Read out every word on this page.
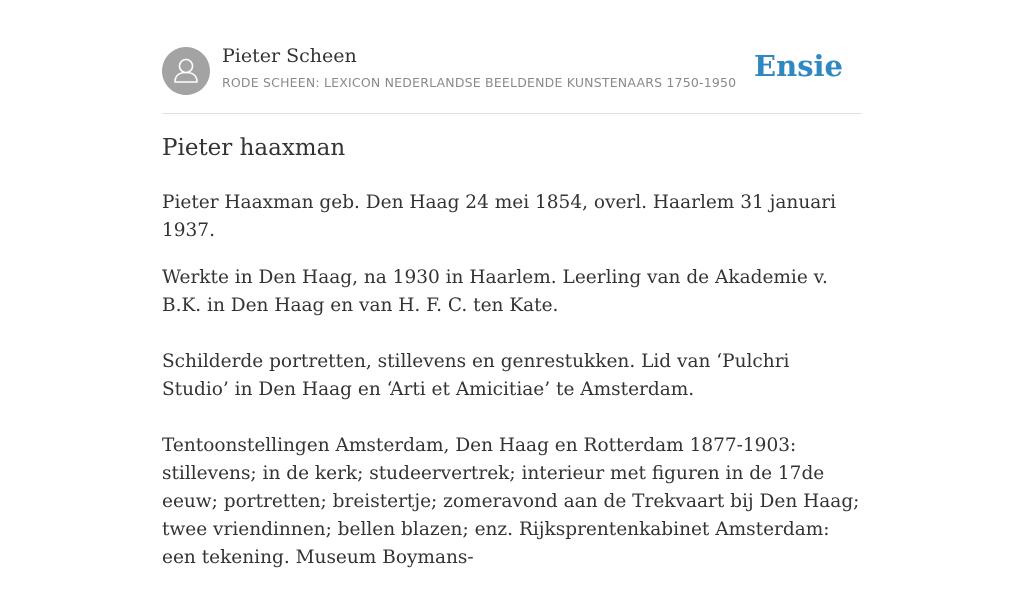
Pieter Scheen
RODE SCHEEN: LEXICON NEDERLANDSE BEELDENDE KUNSTENAARS 1750-1950 Ensie
Pieter haaxman

Pieter Haaxman geb. Den Haag 24 mei 1854, overl. Haarlem 31 januari 1937.

Werkte in Den Haag, na 1930 in Haarlem. Leerling van de Akademie v. B.K. in Den Haag en van H. F. C. ten Kate.

Schilderde portretten, stillevens en genrestukken. Lid van ‘Pulchri Studio’ in Den Haag en ‘Arti et Amicitiae’ te Amsterdam.

Tentoonstellingen Amsterdam, Den Haag en Rotterdam 1877-1903: stillevens; in de kerk; studeervertrek; interieur met figuren in de 17de eeuw; portretten; breistertje; zomeravond aan de Trekvaart bij Den Haag; twee vriendinnen; bellen blazen; enz. Rijksprentenkabinet Amsterdam: een tekening. Museum Boymans-
